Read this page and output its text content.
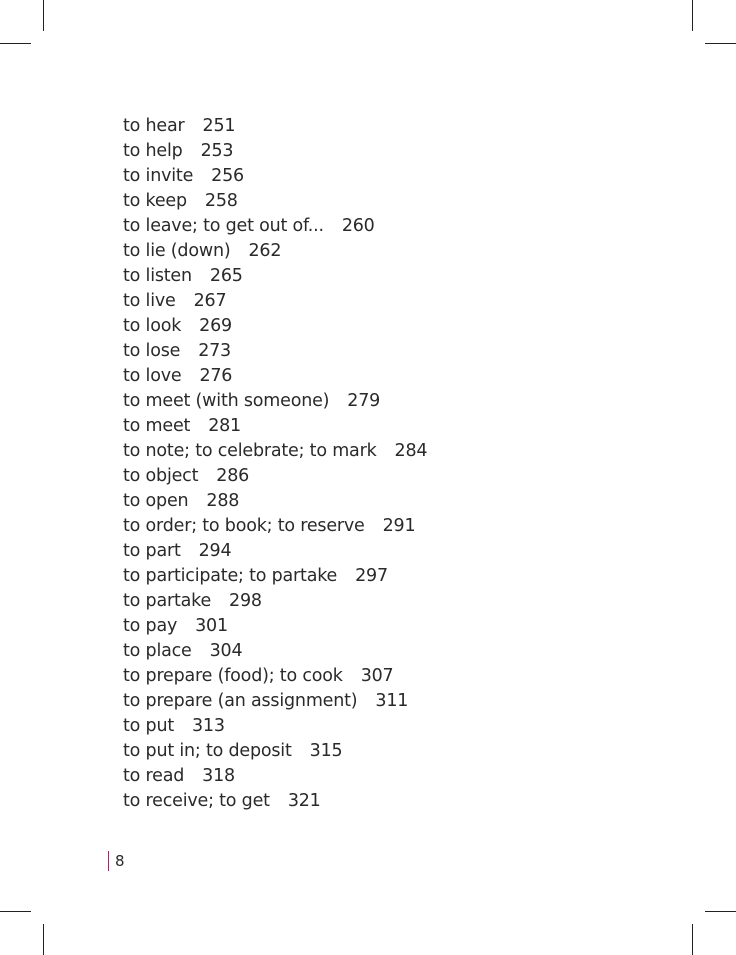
to hear 251
to help 253
to invite 256
to keep 258
to leave; to get out of... 260
to lie (down) 262
to listen 265
to live 267
to look 269
to lose 273
to love 276
to meet (with someone) 279
to meet 281
to note; to celebrate; to mark 284
to object 286
to open 288
to order; to book; to reserve 291
to part 294
to participate; to partake 297
to partake 298
to pay 301
to place 304
to prepare (food); to cook 307
to prepare (an assignment) 311
to put 313
to put in; to deposit 315
to read 318
to receive; to get 321
8
